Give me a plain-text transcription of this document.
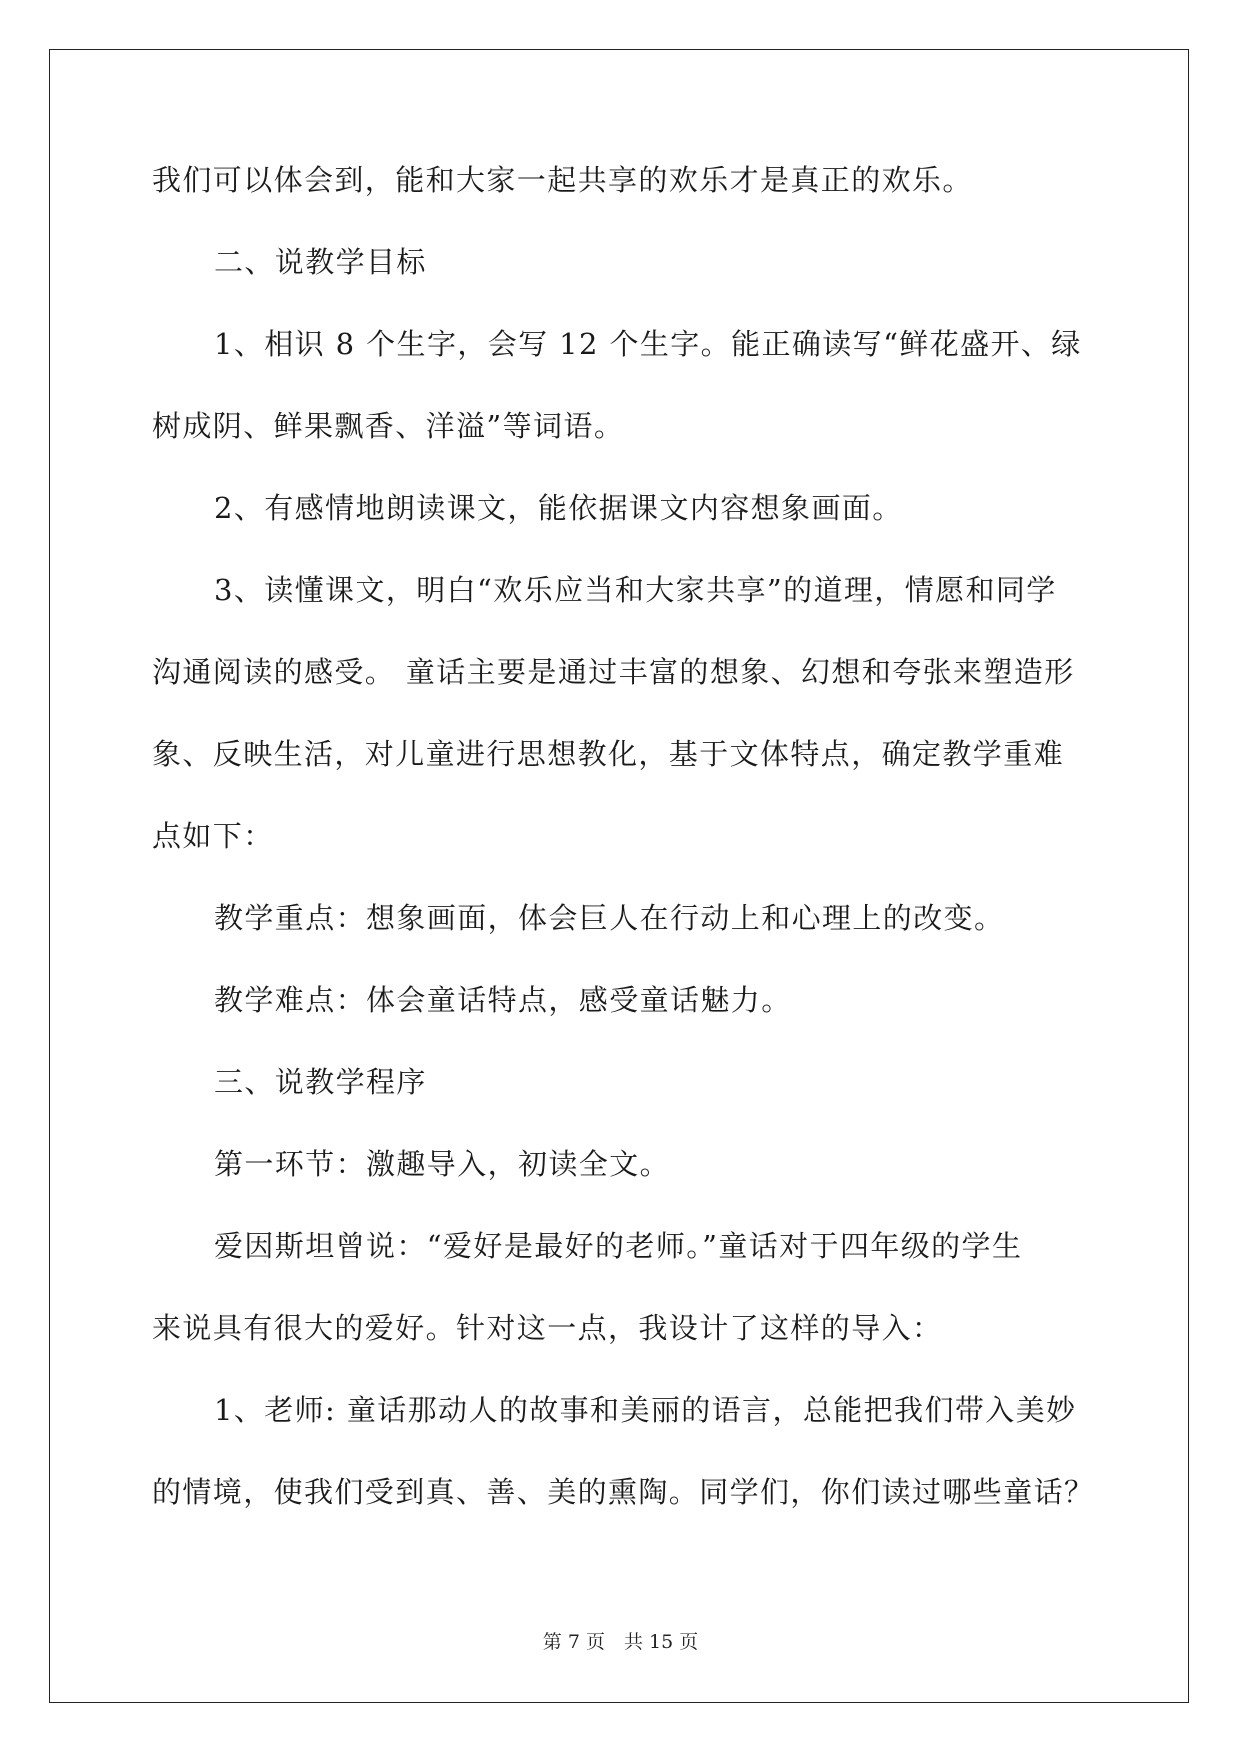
我们可以体会到，能和大家一起共享的欢乐才是真正的欢乐。
二、说教学目标
1、相识 8 个生字，会写 12 个生字。能正确读写“鲜花盛开、绿
树成阴、鲜果飘香、洋溢”等词语。
2、有感情地朗读课文，能依据课文内容想象画面。
3、读懂课文，明白“欢乐应当和大家共享”的道理，情愿和同学
沟通阅读的感受。 童话主要是通过丰富的想象、幻想和夸张来塑造形
象、反映生活，对儿童进行思想教化，基于文体特点，确定教学重难
点如下：
教学重点：想象画面，体会巨人在行动上和心理上的改变。
教学难点：体会童话特点，感受童话魅力。
三、说教学程序
第一环节：激趣导入，初读全文。
爱因斯坦曾说：“爱好是最好的老师。”童话对于四年级的学生
来说具有很大的爱好。针对这一点，我设计了这样的导入：
1、老师: 童话那动人的故事和美丽的语言，总能把我们带入美妙
的情境，使我们受到真、善、美的熏陶。同学们，你们读过哪些童话？
第 7 页　共 15 页
